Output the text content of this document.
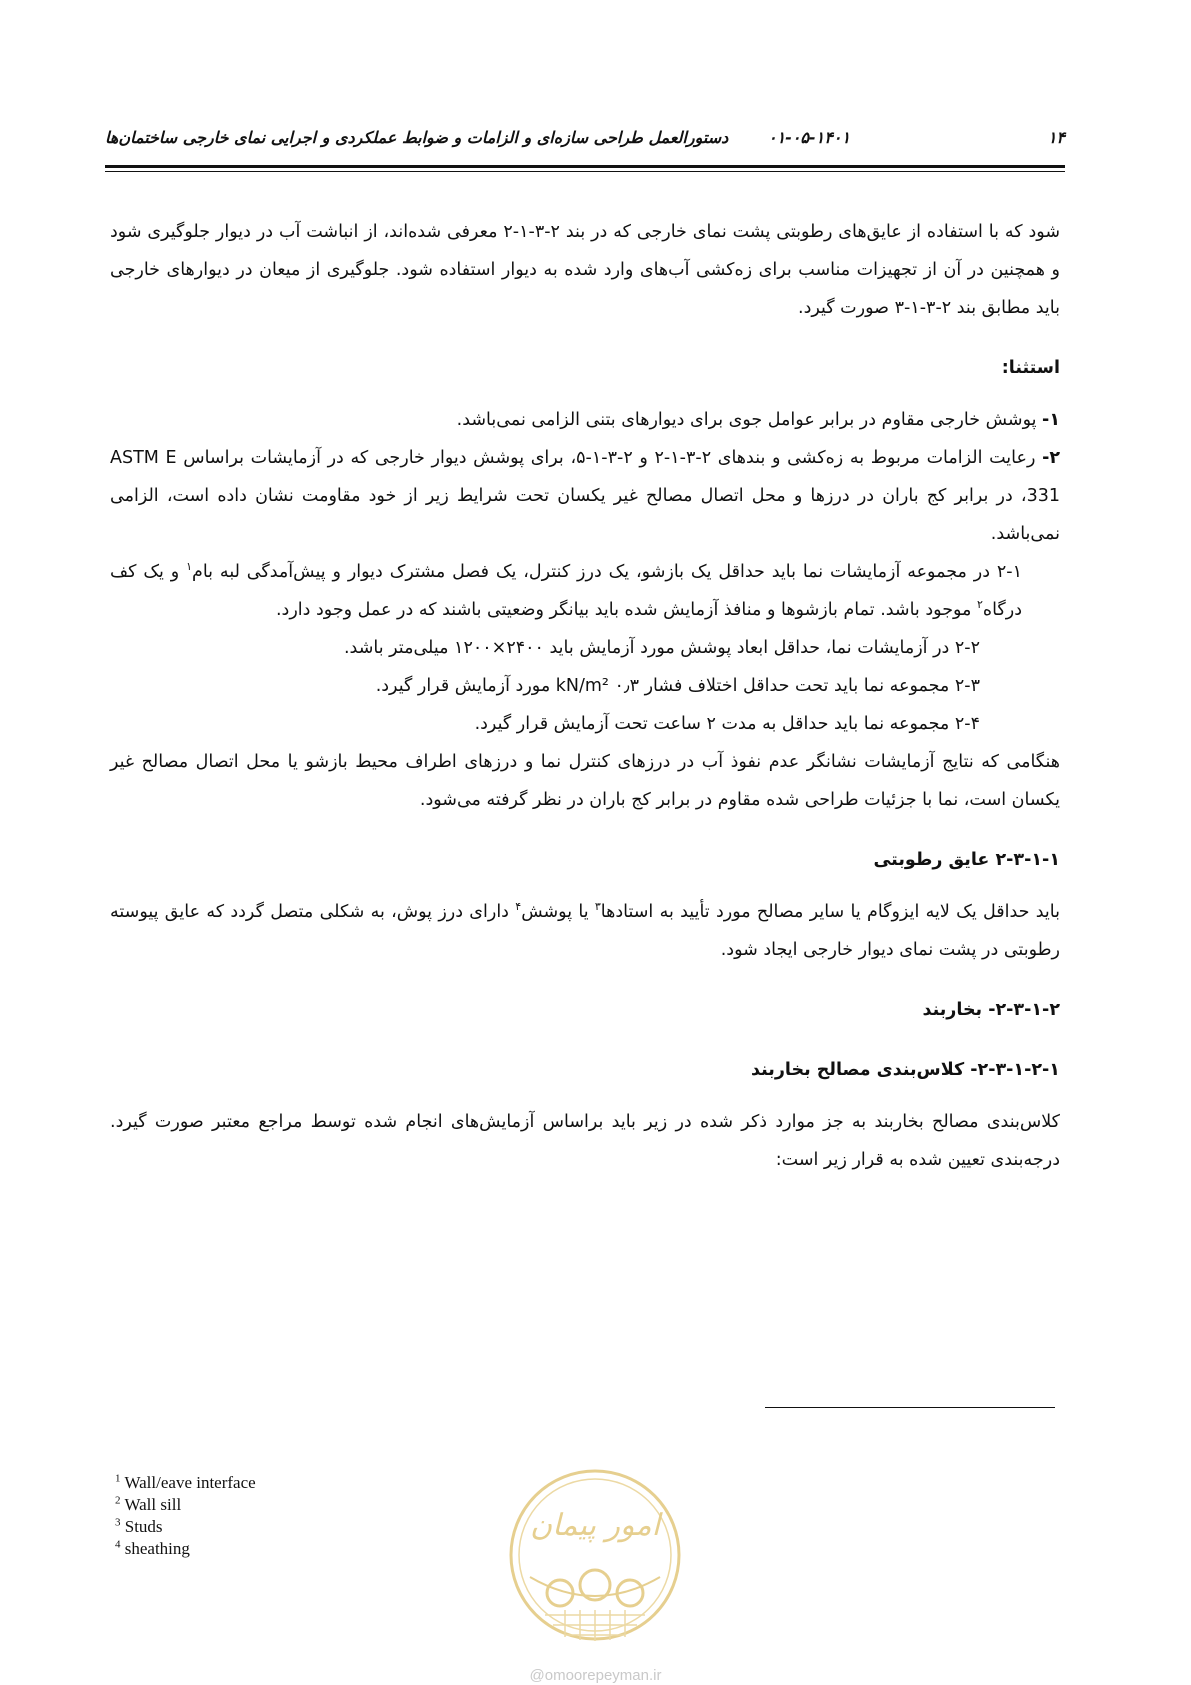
۱۴
۰۱-۰۵-۱۴۰۱
دستورالعمل طراحی سازه‌ای و الزامات و ضوابط عملکردی و اجرایی نمای خارجی ساختمان‌ها

شود که با استفاده از عایق‌های رطوبتی پشت نمای خارجی که در بند ۲-۳-۱-۲ معرفی شده‌اند، از انباشت آب در دیوار جلوگیری شود و همچنین در آن از تجهیزات مناسب برای زه‌کشی آب‌های وارد شده به دیوار استفاده شود. جلوگیری از میعان در دیوارهای خارجی باید مطابق بند ۲-۳-۱-۳ صورت گیرد.

استثنا:

۱- پوشش خارجی مقاوم در برابر عوامل جوی برای دیوارهای بتنی الزامی نمی‌باشد.

۲- رعایت الزامات مربوط به زه‌کشی و بندهای ۲-۳-۱-۲ و ۲-۳-۱-۵، برای پوشش دیوار خارجی که در آزمایشات براساس ASTM E 331، در برابر کج باران در درزها و محل اتصال مصالح غیر یکسان تحت شرایط زیر از خود مقاومت نشان داده است، الزامی نمی‌باشد.

۲-۱ در مجموعه آزمایشات نما باید حداقل یک بازشو، یک درز کنترل، یک فصل مشترک دیوار و پیش‌آمدگی لبه بام$^۱$ و یک کف درگاه$^۲$ موجود باشد. تمام بازشوها و منافذ آزمایش شده باید بیانگر وضعیتی باشند که در عمل وجود دارد.

۲-۲ در آزمایشات نما، حداقل ابعاد پوشش مورد آزمایش باید ۲۴۰۰×۱۲۰۰ میلی‌متر باشد.

۲-۳ مجموعه نما باید تحت حداقل اختلاف فشار kN/m² ۰٫۳ مورد آزمایش قرار گیرد.

۲-۴ مجموعه نما باید حداقل به مدت ۲ ساعت تحت آزمایش قرار گیرد.

هنگامی که نتایج آزمایشات نشانگر عدم نفوذ آب در درزهای کنترل نما و درزهای اطراف محیط بازشو یا محل اتصال مصالح غیر یکسان است، نما با جزئیات طراحی شده مقاوم در برابر کج باران در نظر گرفته می‌شود.

۲-۳-۱-۱ عایق رطوبتی

باید حداقل یک لایه ایزوگام یا سایر مصالح مورد تأیید به استادها$^۳$ یا پوشش$^۴$ دارای درز پوش، به شکلی متصل گردد که عایق پیوسته رطوبتی در پشت نمای دیوار خارجی ایجاد شود.

۲-۳-۱-۲- بخاربند

۲-۳-۱-۲-۱- کلاس‌بندی مصالح بخاربند

کلاس‌بندی مصالح بخاربند به جز موارد ذکر شده در زیر باید براساس آزمایش‌های انجام شده توسط مراجع معتبر صورت گیرد. درجه‌بندی تعیین شده به قرار زیر است:

$^1$ Wall/eave interface
$^2$ Wall sill
$^3$ Studs
$^4$ sheathing
امور پیمان
@omoorepeyman.ir
